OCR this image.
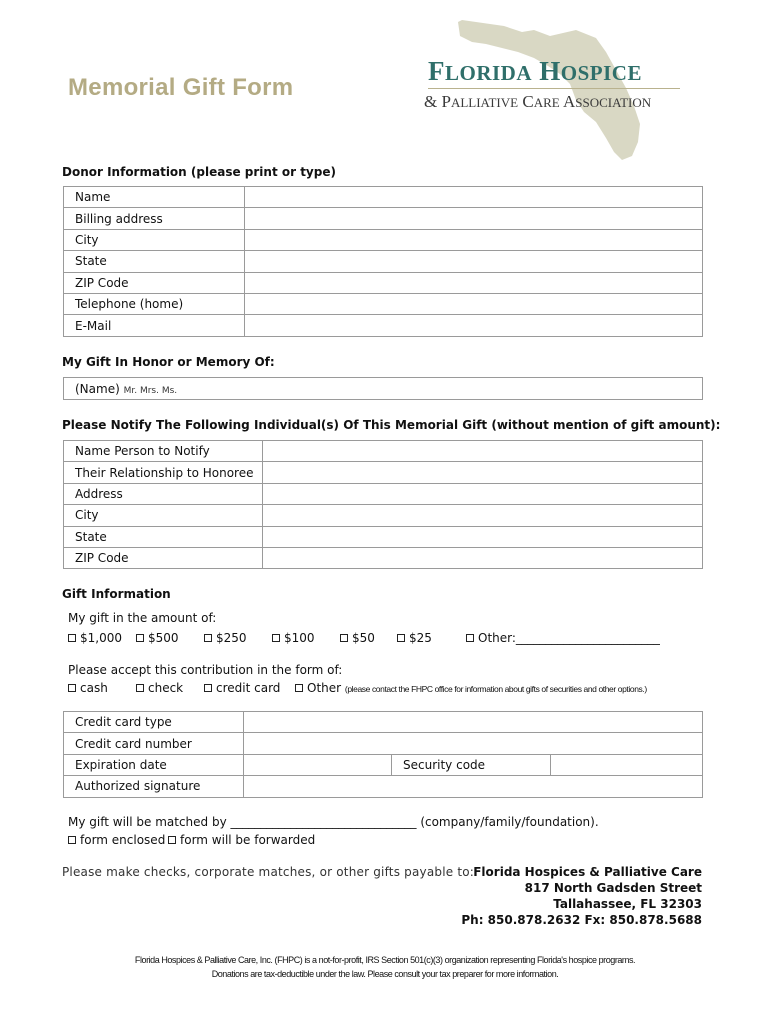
Memorial Gift Form
FLORIDA HOSPICE
& PALLIATIVE CARE ASSOCIATION
Donor Information (please print or type)
Name	
Billing address	
City	
State	
ZIP Code	
Telephone (home)	
E-Mail	
My Gift In Honor or Memory Of:
(Name) Mr. Mrs. Ms.
Please Notify The Following Individual(s) Of This Memorial Gift (without mention of gift amount):
Name Person to Notify	
Their Relationship to Honoree	
Address	
City	
State	
ZIP Code	
Gift Information
My gift in the amount of:
$1,000	$500	$250	$100	$50	$25	Other:________________________
Please accept this contribution in the form of:
cash	check	credit card	Other (please contact the FHPC office for information about gifts of securities and other options.)
Credit card type			
Credit card number			
Expiration date		Security code	
Authorized signature			
My gift will be matched by _______________________________ (company/family/foundation).
form enclosed	form will be forwarded
Please make checks, corporate matches, or other gifts payable to: Florida Hospices & Palliative Care
817 North Gadsden Street
Tallahassee, FL 32303
Ph: 850.878.2632 Fx: 850.878.5688
Florida Hospices & Palliative Care, Inc. (FHPC) is a not-for-profit, IRS Section 501(c)(3) organization representing Florida's hospice programs.
Donations are tax-deductible under the law. Please consult your tax preparer for more information.
